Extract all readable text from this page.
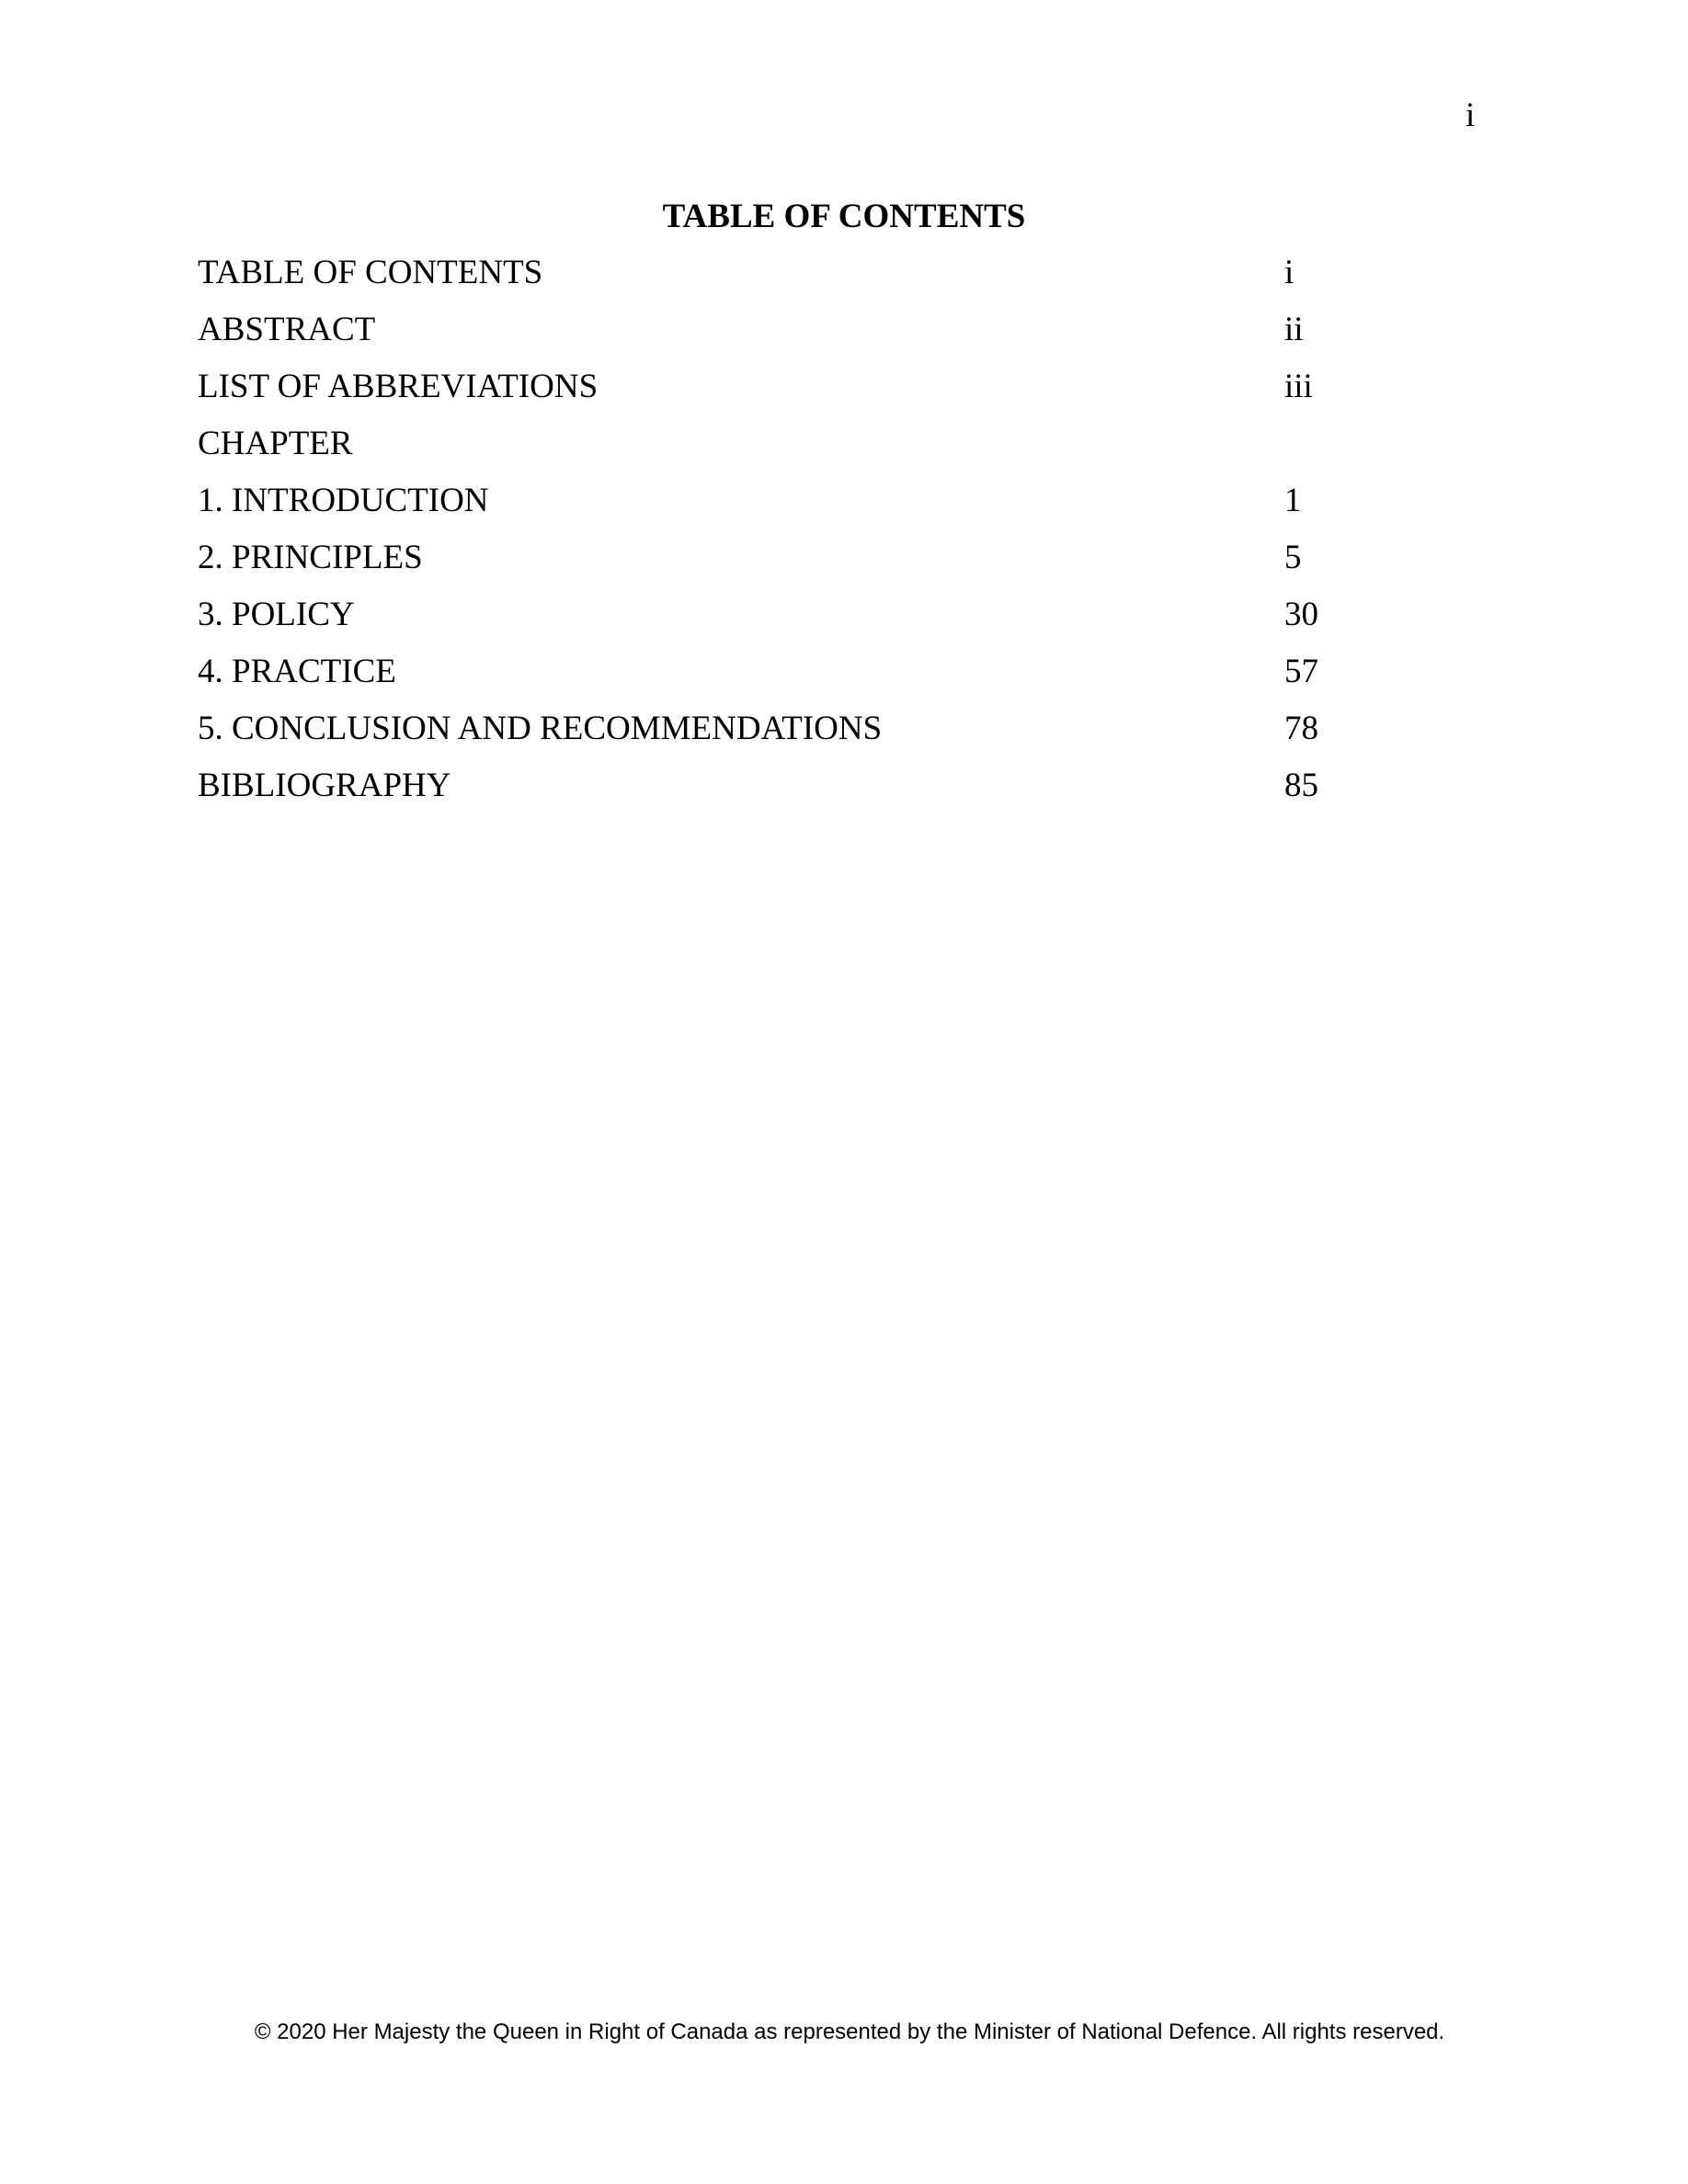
i
TABLE OF CONTENTS
TABLE OF CONTENTS	i
ABSTRACT	ii
LIST OF ABBREVIATIONS	iii
CHAPTER
1. INTRODUCTION	1
2. PRINCIPLES	5
3. POLICY	30
4. PRACTICE	57
5. CONCLUSION AND RECOMMENDATIONS	78
BIBLIOGRAPHY	85
© 2020 Her Majesty the Queen in Right of Canada as represented by the Minister of National Defence. All rights reserved.
